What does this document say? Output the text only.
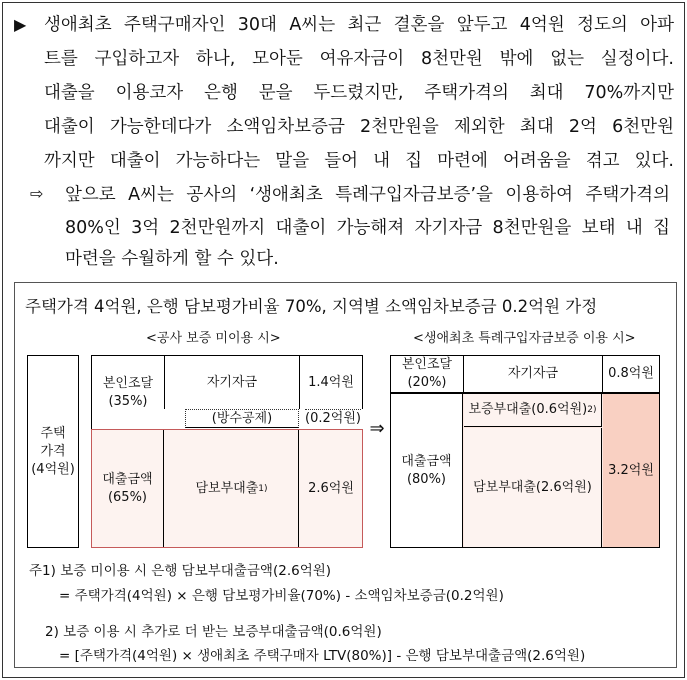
▶ 생애최초 주택구매자인 30대 A씨는 최근 결혼을 앞두고 4억원 정도의 아파
트를 구입하고자 하나, 모아둔 여유자금이 8천만원 밖에 없는 실정이다.
대출을 이용코자 은행 문을 두드렸지만, 주택가격의 최대 70%까지만
대출이 가능한데다가 소액임차보증금 2천만원을 제외한 최대 2억 6천만원
까지만 대출이 가능하다는 말을 들어 내 집 마련에 어려움을 겪고 있다.
⇨ 앞으로 A씨는 공사의 ‘생애최초 특례구입자금보증’을 이용하여 주택가격의
80%인 3억 2천만원까지 대출이 가능해져 자기자금 8천만원을 보태 내 집
마련을 수월하게 할 수 있다.
주택가격 4억원, 은행 담보평가비율 70%, 지역별 소액임차보증금 0.2억원 가정
<공사 보증 미이용 시>	<생애최초 특례구입자금보증 이용 시>
주택
가격
(4억원)
본인조달
(35%)
자기자금	1.4억원
(방수공제)	(0.2억원)
대출금액
(65%)
담보부대출 1)	2.6억원
⇒
본인조달
(20%)
자기자금	0.8억원
대출금액
(80%)
보증부대출(0.6억원) 2)
담보부대출(2.6억원)
3.2억원
주1) 보증 미이용 시 은행 담보부대출금액(2.6억원)
= 주택가격(4억원) × 은행 담보평가비율(70%) - 소액임차보증금(0.2억원)
2) 보증 이용 시 추가로 더 받는 보증부대출금액(0.6억원)
= [주택가격(4억원) × 생애최초 주택구매자 LTV(80%)] - 은행 담보부대출금액(2.6억원)
